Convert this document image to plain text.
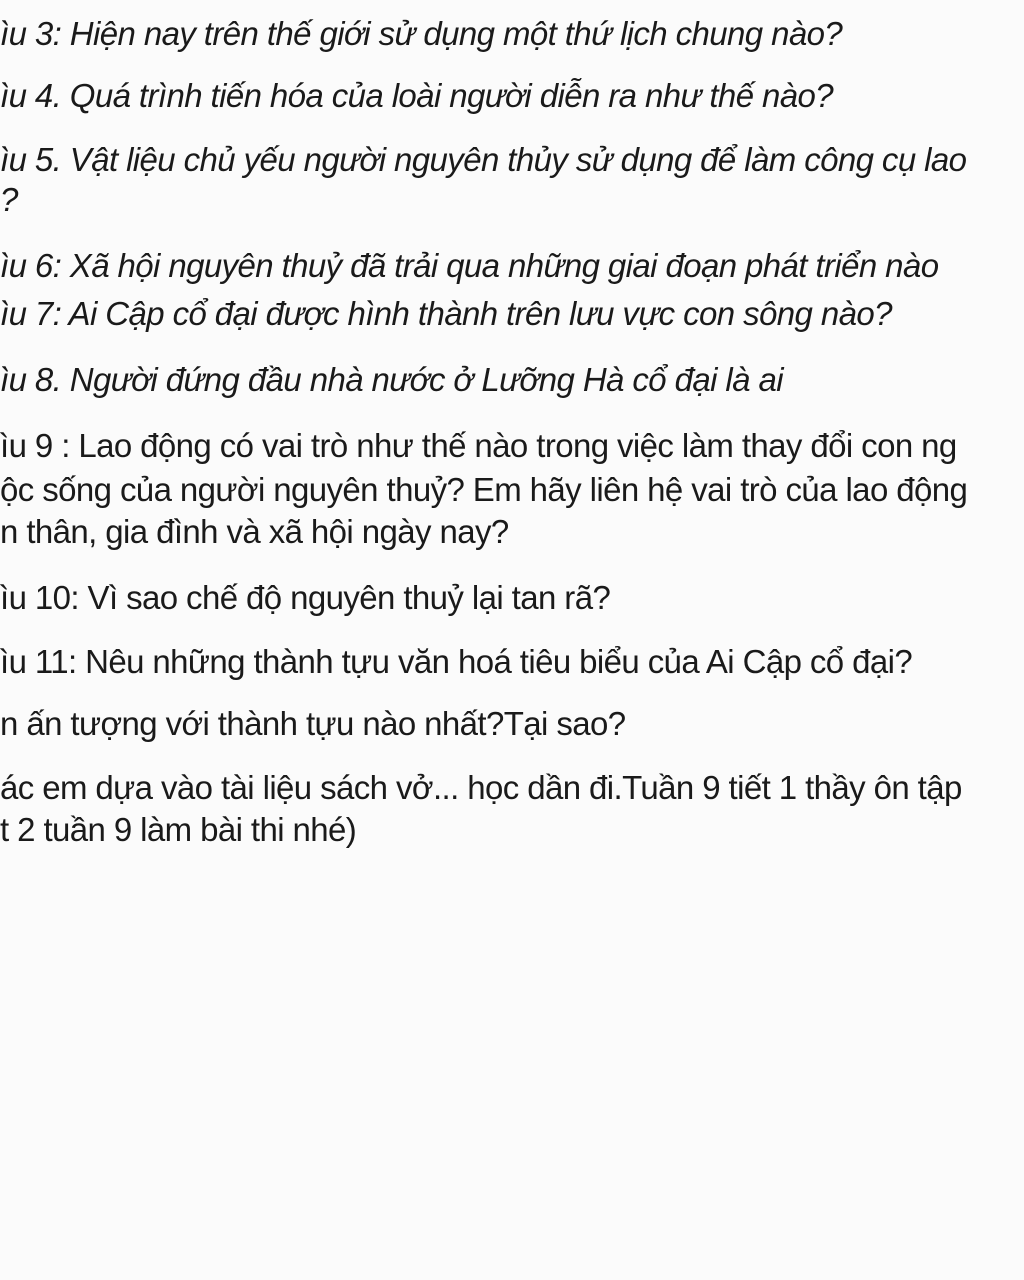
ìu 3: Hiện nay trên thế giới sử dụng một thứ lịch chung nào?

ìu 4. Quá trình tiến hóa của loài người diễn ra như thế nào?

ìu 5. Vật liệu chủ yếu người nguyên thủy sử dụng để làm công cụ lao

?

ìu 6: Xã hội nguyên thuỷ đã trải qua những giai đoạn phát triển nào

ìu 7: Ai Cập cổ đại được hình thành trên lưu vực con sông nào?

ìu 8. Người đứng đầu nhà nước ở Lưỡng Hà cổ đại là ai

ìu 9 : Lao động có vai trò như thế nào trong việc làm thay đổi con ng

ộc sống của người nguyên thuỷ? Em hãy liên hệ vai trò của lao động

n thân, gia đình và xã hội ngày nay?

ìu 10: Vì sao chế độ nguyên thuỷ lại tan rã?

ìu 11: Nêu những thành tựu văn hoá tiêu biểu của Ai Cập cổ đại?

n ấn tượng với thành tựu nào nhất?Tại sao?

ác em dựa vào tài liệu sách vở... học dần đi.Tuần 9 tiết 1 thầy ôn tập

t 2 tuần 9 làm bài thi nhé)
